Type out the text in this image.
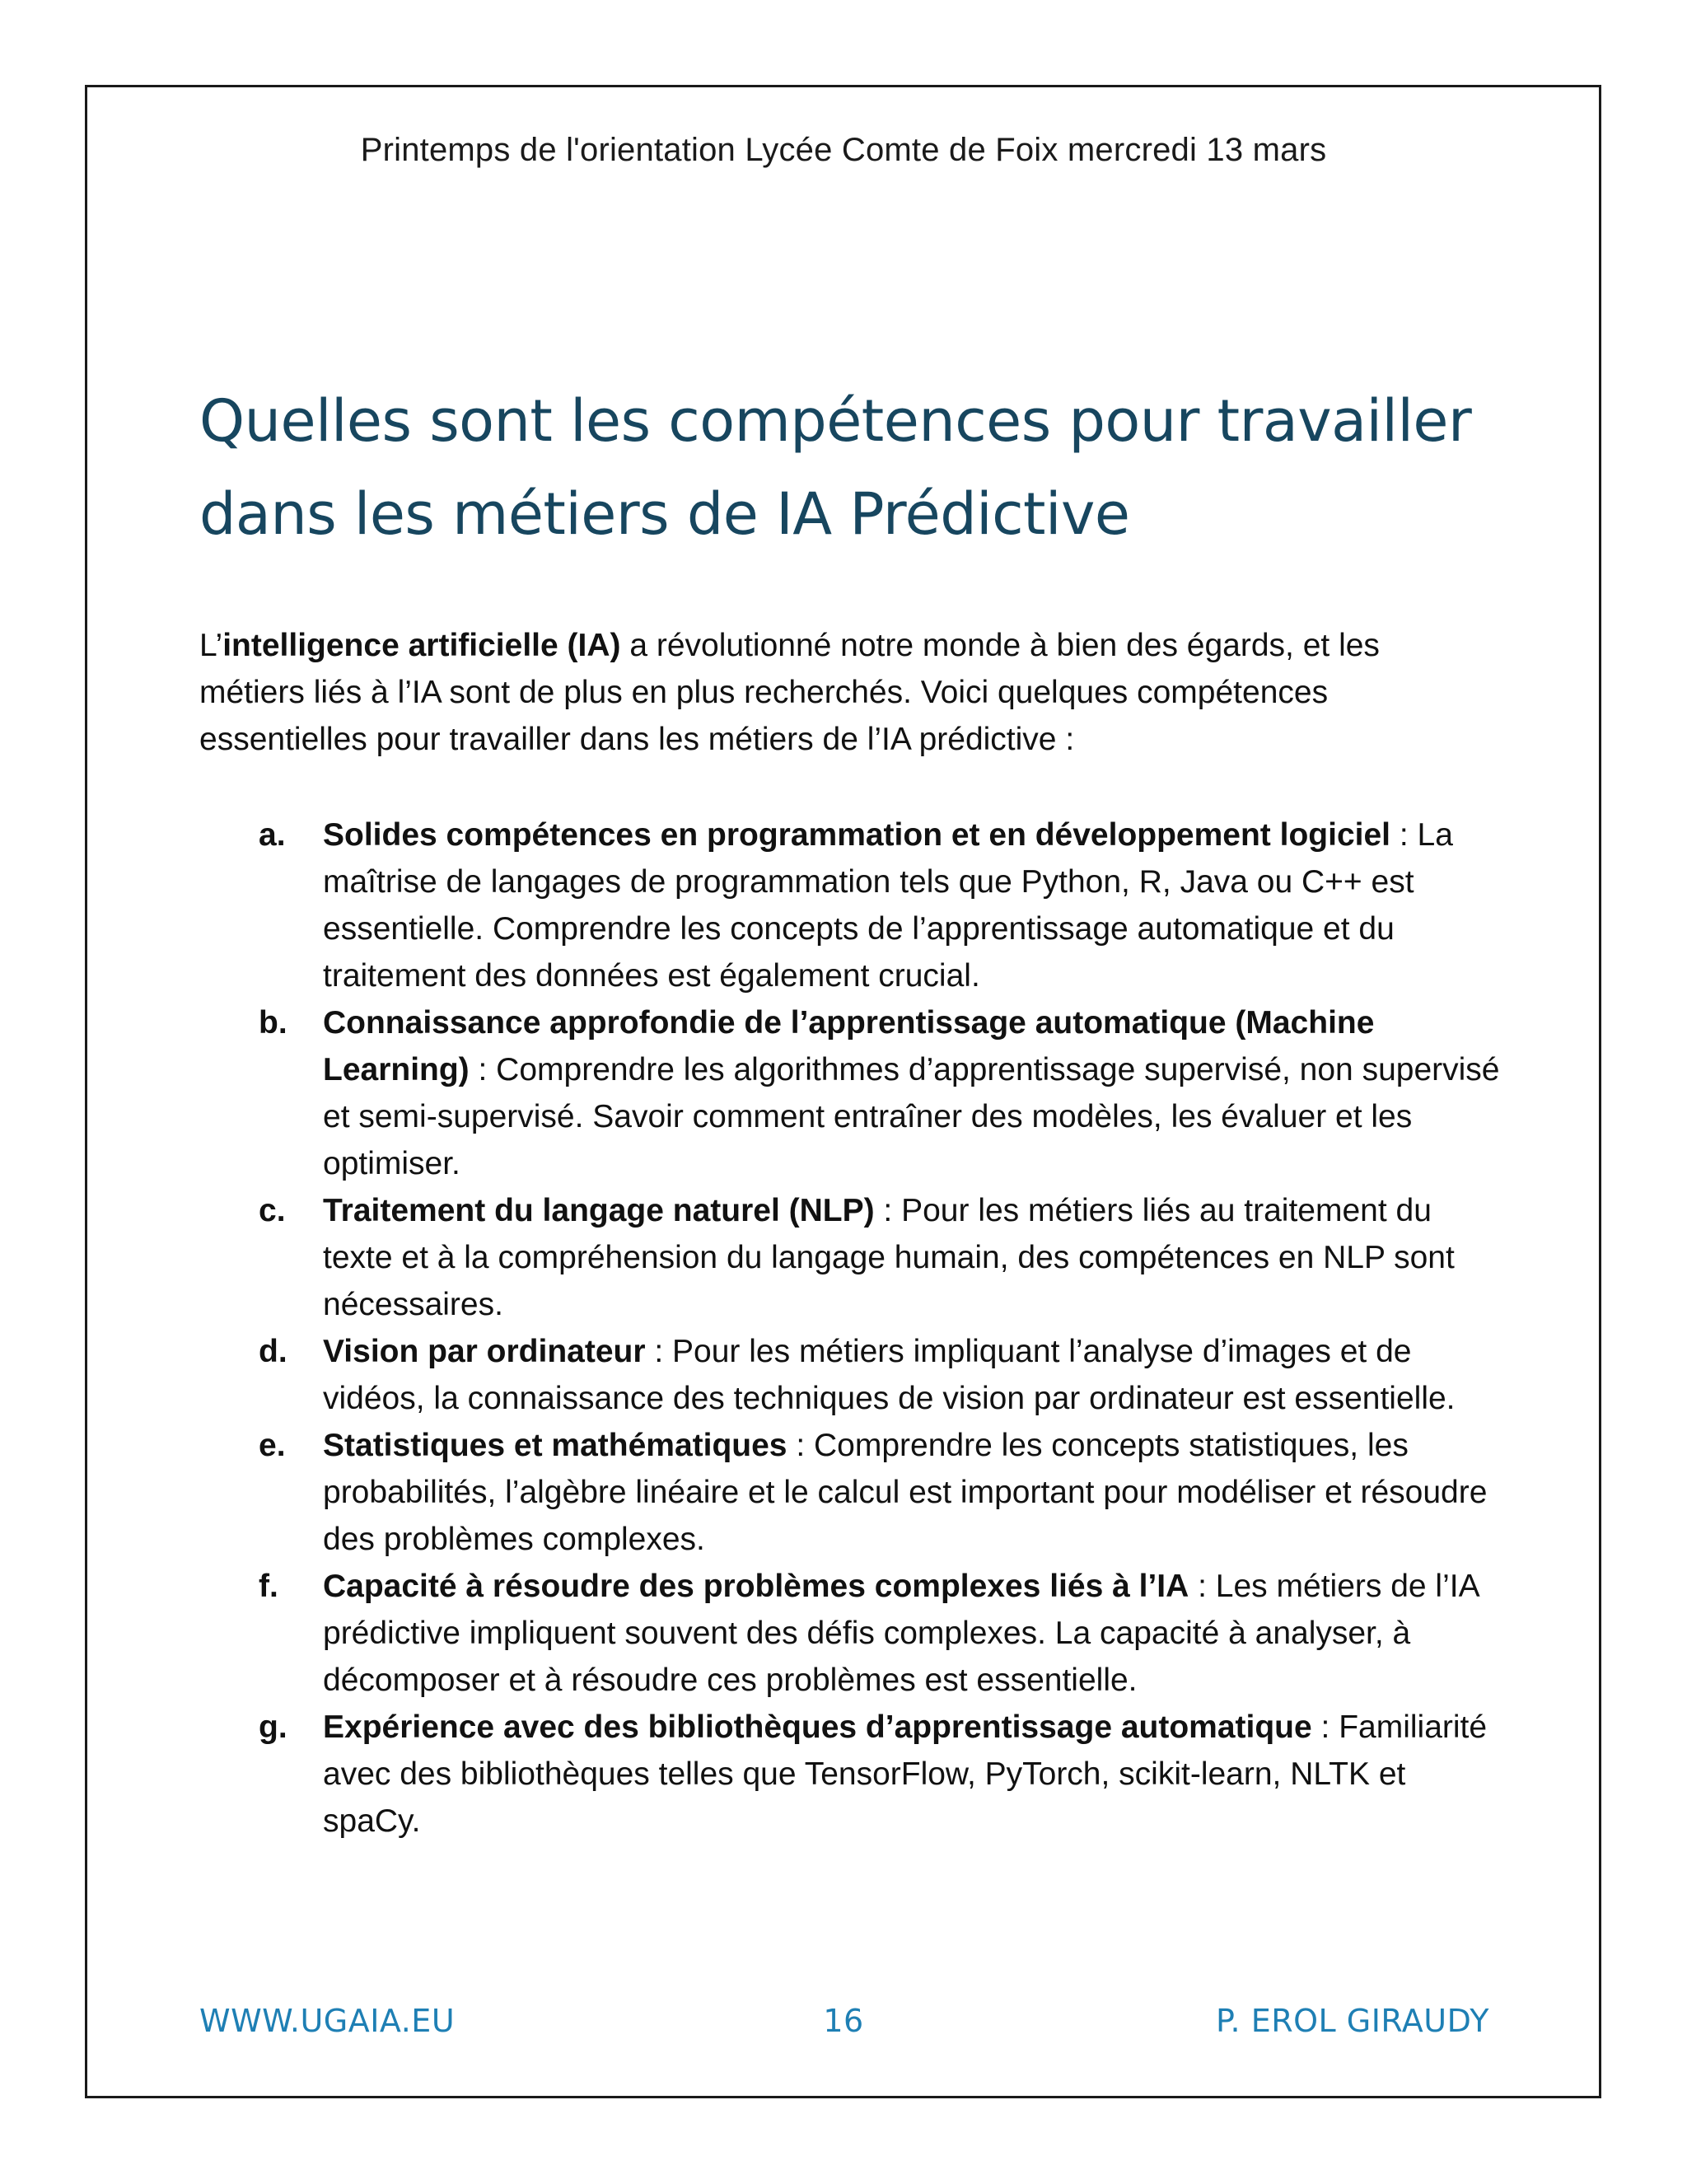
Printemps de l'orientation Lycée Comte de Foix mercredi 13 mars
Quelles sont les compétences pour travailler dans les métiers de IA Prédictive

L’intelligence artificielle (IA) a révolutionné notre monde à bien des égards, et les métiers liés à l’IA sont de plus en plus recherchés. Voici quelques compétences essentielles pour travailler dans les métiers de l’IA prédictive :

a. Solides compétences en programmation et en développement logiciel : La maîtrise de langages de programmation tels que Python, R, Java ou C++ est essentielle. Comprendre les concepts de l’apprentissage automatique et du traitement des données est également crucial.
b. Connaissance approfondie de l’apprentissage automatique (Machine Learning) : Comprendre les algorithmes d’apprentissage supervisé, non supervisé et semi-supervisé. Savoir comment entraîner des modèles, les évaluer et les optimiser.
c. Traitement du langage naturel (NLP) : Pour les métiers liés au traitement du texte et à la compréhension du langage humain, des compétences en NLP sont nécessaires.
d. Vision par ordinateur : Pour les métiers impliquant l’analyse d’images et de vidéos, la connaissance des techniques de vision par ordinateur est essentielle.
e. Statistiques et mathématiques : Comprendre les concepts statistiques, les probabilités, l’algèbre linéaire et le calcul est important pour modéliser et résoudre des problèmes complexes.
f. Capacité à résoudre des problèmes complexes liés à l’IA : Les métiers de l’IA prédictive impliquent souvent des défis complexes. La capacité à analyser, à décomposer et à résoudre ces problèmes est essentielle.
g. Expérience avec des bibliothèques d’apprentissage automatique : Familiarité avec des bibliothèques telles que TensorFlow, PyTorch, scikit-learn, NLTK et spaCy.
WWW.UGAIA.EU	16	P. EROL GIRAUDY
